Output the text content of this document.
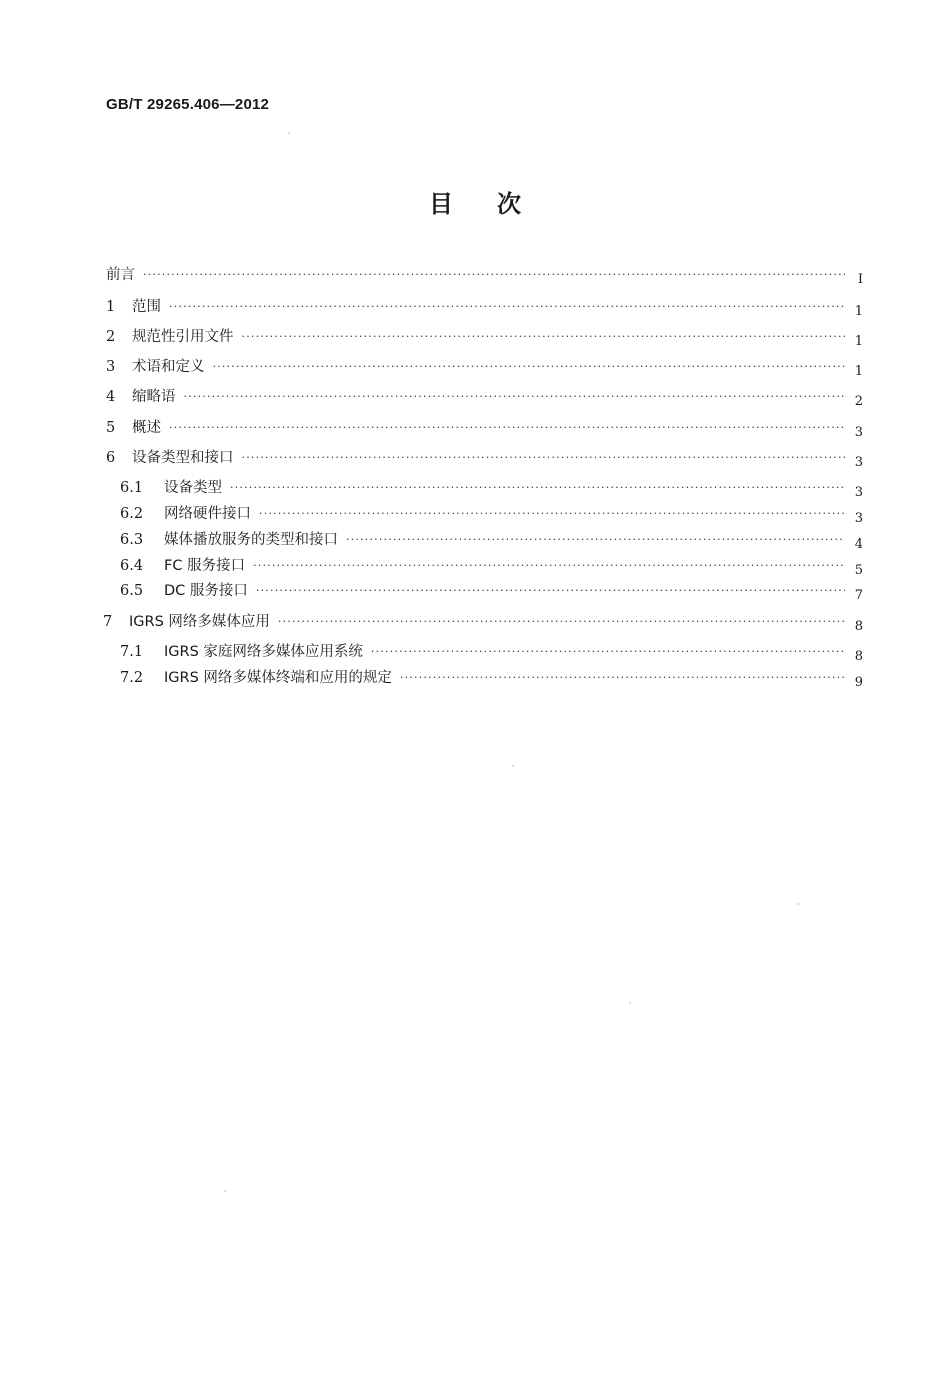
GB/T 29265.406—2012
目次
前言 ·····	Ⅰ
1	范围 ·····	1
2	规范性引用文件 ·····	1
3	术语和定义 ·····	1
4	缩略语 ·····	2
5	概述 ·····	3
6	设备类型和接口 ·····	3
6.1	设备类型 ·····	3
6.2	网络硬件接口 ·····	3
6.3	媒体播放服务的类型和接口 ·····	4
6.4	FC 服务接口 ·····	5
6.5	DC 服务接口 ·····	7
7	IGRS 网络多媒体应用 ·····	8
7.1	IGRS 家庭网络多媒体应用系统 ·····	8
7.2	IGRS 网络多媒体终端和应用的规定 ·····	9
